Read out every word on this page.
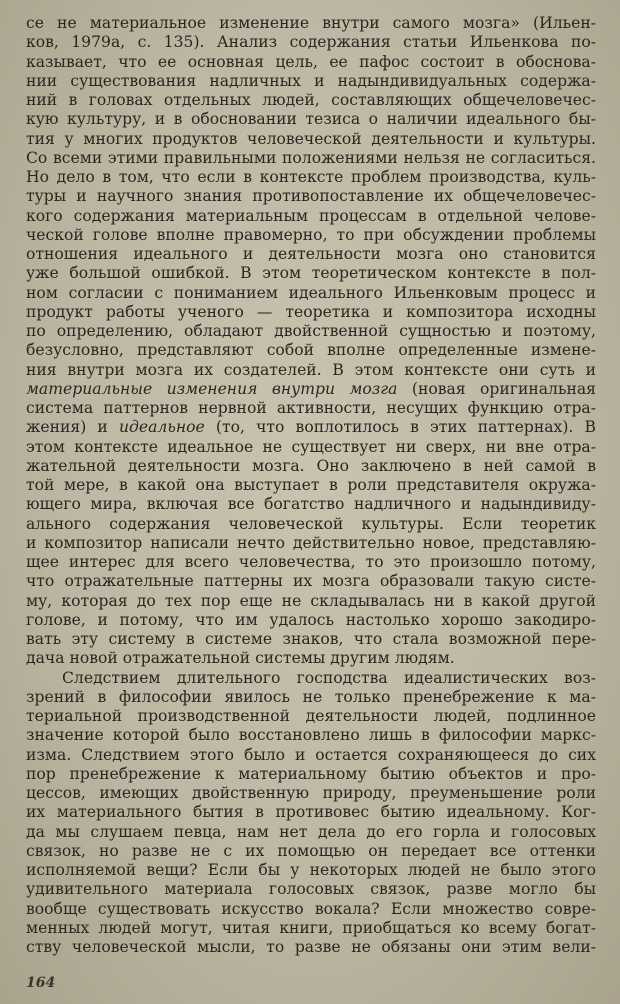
се не материальное изменение внутри самого мозга» (Ильен-
ков, 1979а, с. 135). Анализ содержания статьи Ильенкова по-
казывает, что ее основная цель, ее пафос состоит в обоснова-
нии существования надличных и надындивидуальных содержа-
ний в головах отдельных людей, составляющих общечеловечес-
кую культуру, и в обосновании тезиса о наличии идеального бы-
тия у многих продуктов человеческой деятельности и культуры.
Со всеми этими правильными положениями нельзя не согласиться.
Но дело в том, что если в контексте проблем производства, куль-
туры и научного знания противопоставление их общечеловечес-
кого содержания материальным процессам в отдельной челове-
ческой голове вполне правомерно, то при обсуждении проблемы
отношения идеального и деятельности мозга оно становится
уже большой ошибкой. В этом теоретическом контексте в пол-
ном согласии с пониманием идеального Ильенковым процесс и
продукт работы ученого — теоретика и композитора исходны
по определению, обладают двойственной сущностью и поэтому,
безусловно, представляют собой вполне определенные измене-
ния внутри мозга их создателей. В этом контексте они суть и
материальные изменения внутри мозга (новая оригинальная
система паттернов нервной активности, несущих функцию отра-
жения) и идеальное (то, что воплотилось в этих паттернах). В
этом контексте идеальное не существует ни сверх, ни вне отра-
жательной деятельности мозга. Оно заключено в ней самой в
той мере, в какой она выступает в роли представителя окружа-
ющего мира, включая все богатство надличного и надындивиду-
ального содержания человеческой культуры. Если теоретик
и композитор написали нечто действительно новое, представляю-
щее интерес для всего человечества, то это произошло потому,
что отражательные паттерны их мозга образовали такую систе-
му, которая до тех пор еще не складывалась ни в какой другой
голове, и потому, что им удалось настолько хорошо закодиро-
вать эту систему в системе знаков, что стала возможной пере-
дача новой отражательной системы другим людям.
Следствием длительного господства идеалистических воз-
зрений в философии явилось не только пренебрежение к ма-
териальной производственной деятельности людей, подлинное
значение которой было восстановлено лишь в философии маркс-
изма. Следствием этого было и остается сохраняющееся до сих
пор пренебрежение к материальному бытию объектов и про-
цессов, имеющих двойственную природу, преуменьшение роли
их материального бытия в противовес бытию идеальному. Ког-
да мы слушаем певца, нам нет дела до его горла и голосовых
связок, но разве не с их помощью он передает все оттенки
исполняемой вещи? Если бы у некоторых людей не было этого
удивительного материала голосовых связок, разве могло бы
вообще существовать искусство вокала? Если множество совре-
менных людей могут, читая книги, приобщаться ко всему богат-
ству человеческой мысли, то разве не обязаны они этим вели-
164
